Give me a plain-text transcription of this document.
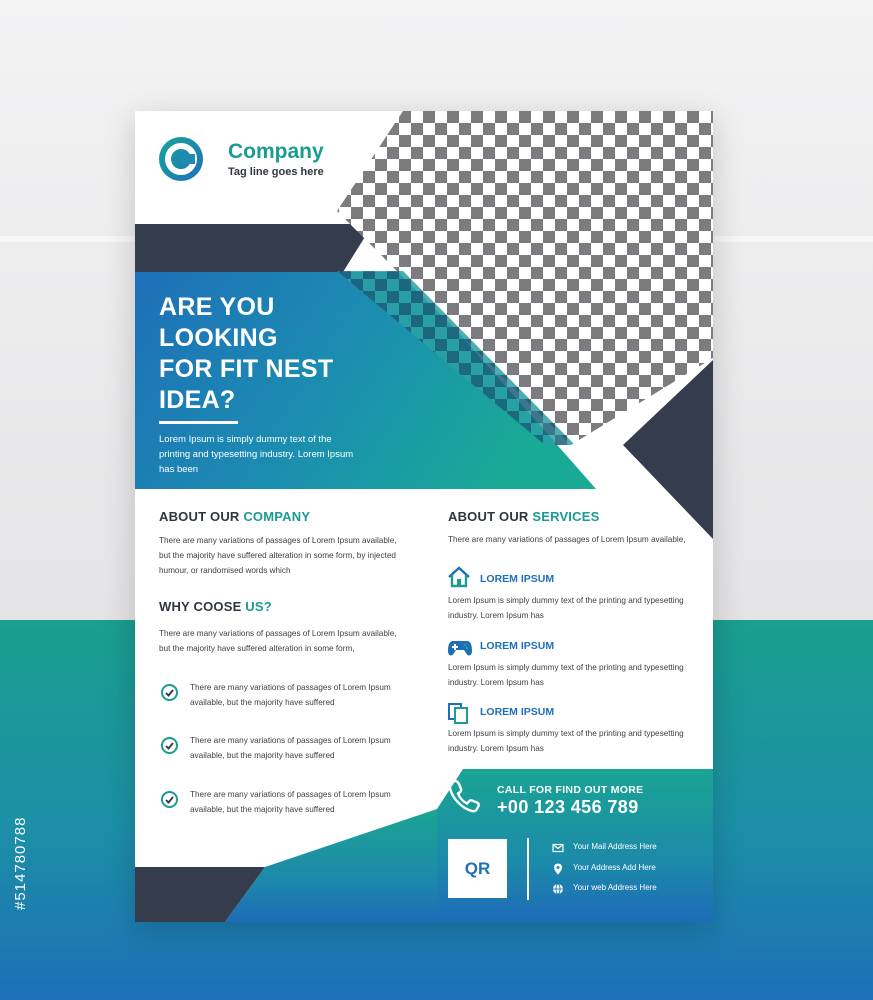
#514780788
Company
Tag line goes here
ARE YOU
LOOKING
FOR FIT NEST
IDEA?
Lorem Ipsum is simply dummy text of the printing and typesetting industry. Lorem Ipsum has been
ABOUT OUR COMPANY
There are many variations of passages of Lorem Ipsum available, but the majority have suffered alteration in some form, by injected humour, or randomised words which
WHY COOSE US?
There are many variations of passages of Lorem Ipsum available, but the majority have suffered alteration in some form,
There are many variations of passages of Lorem Ipsum available, but the majority have suffered
There are many variations of passages of Lorem Ipsum available, but the majority have suffered
There are many variations of passages of Lorem Ipsum available, but the majority have suffered
ABOUT OUR SERVICES
There are many variations of passages of Lorem Ipsum available,
LOREM IPSUM
Lorem Ipsum is simply dummy text of the printing and typesetting industry. Lorem Ipsum has
LOREM IPSUM
Lorem Ipsum is simply dummy text of the printing and typesetting industry. Lorem Ipsum has
LOREM IPSUM
Lorem Ipsum is simply dummy text of the printing and typesetting industry. Lorem Ipsum has
CALL FOR FIND OUT MORE
+00 123 456 789
QR
Your Mail Address Here
Your Address Add Here
Your web Address Here
